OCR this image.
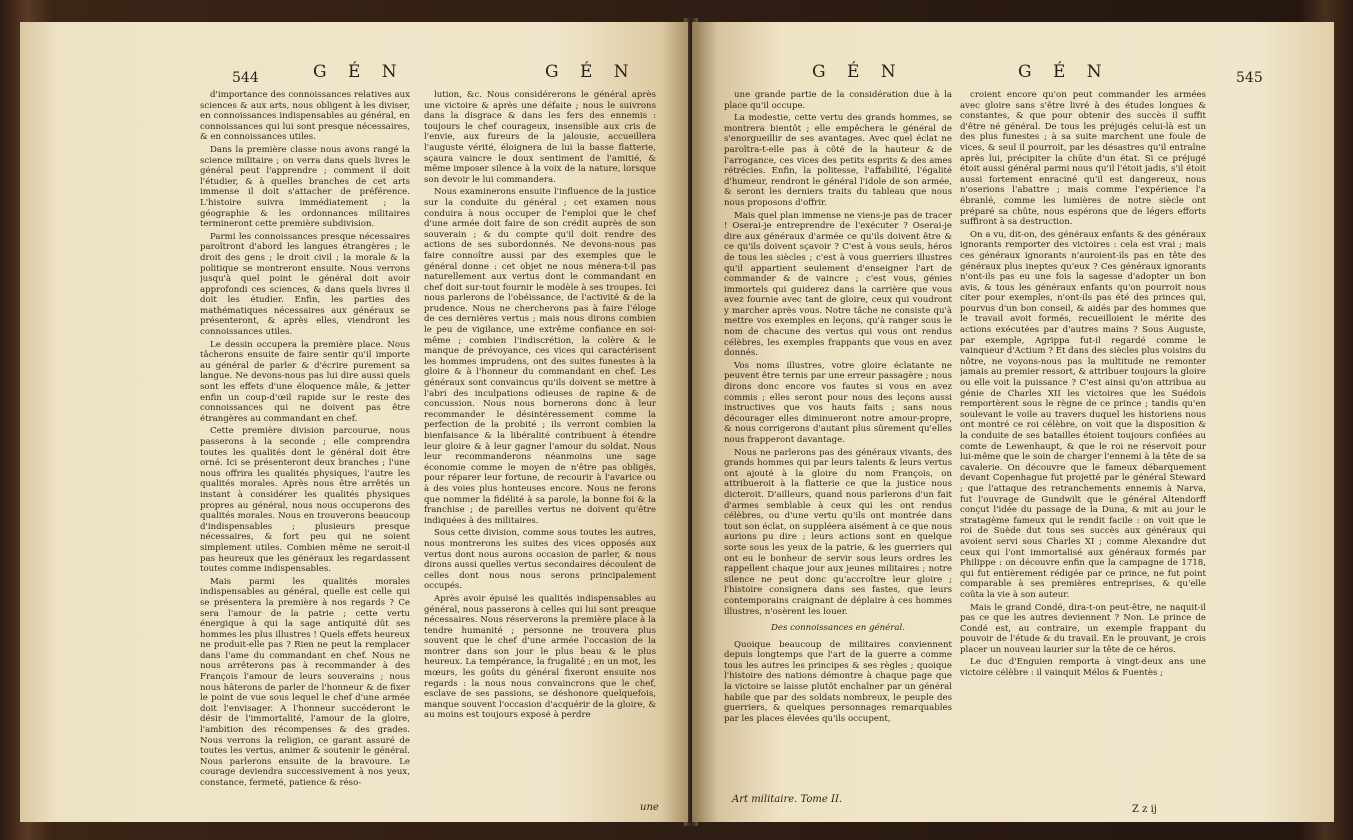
544	G É N	G É N

d'importance des connoissances relatives aux sciences & aux arts, nous obligent à les diviser, en connoissances indispensables au général, en connoissances qui lui sont presque nécessaires, & en connoissances utiles.

Dans la première classe nous avons rangé la science militaire ; on verra dans quels livres le général peut l'apprendre ; comment il doit l'étudier, & à quelles branches de cet arts immense il doit s'attacher de préférence. L'histoire suivra immédiatement ; la géographie & les ordonnances militaires termineront cette première subdivision.

Parmi les connoissances presque nécessaires paroîtront d'abord les langues étrangères ; le droit des gens ; le droit civil ; la morale & la politique se montreront ensuite. Nous verrons jusqu'à quel point le général doit avoir approfondi ces sciences, & dans quels livres il doit les étudier. Enfin, les parties des mathématiques nécessaires aux généraux se présenteront, & après elles, viendront les connoissances utiles.

Le dessin occupera la première place. Nous tâcherons ensuite de faire sentir qu'il importe au général de parler & d'écrire purement sa langue. Ne devons-nous pas lui dire aussi quels sont les effets d'une éloquence mâle, & jetter enfin un coup-d'œil rapide sur le reste des connoissances qui ne doivent pas être étrangères au commandant en chef.

Cette première division parcourue, nous passerons à la seconde ; elle comprendra toutes les qualités dont le général doit être orné. Ici se présenteront deux branches ; l'une nous offrira les qualités physiques, l'autre les qualités morales. Après nous être arrêtés un instant à considérer les qualités physiques propres au général, nous nous occuperons des qualités morales. Nous en trouverons beaucoup d'indispensables ; plusieurs presque nécessaires, & fort peu qui ne soient simplement utiles. Combien même ne seroit-il pas heureux que les généraux les regardassent toutes comme indispensables.

Mais parmi les qualités morales indispensables au général, quelle est celle qui se présentera la première à nos regards ? Ce sera l'amour de la patrie ; cette vertu énergique à qui la sage antiquité dût ses hommes les plus illustres ! Quels effets heureux ne produit-elle pas ? Rien ne peut la remplacer dans l'ame du commandant en chef. Nous ne nous arrêterons pas à recommander à des François l'amour de leurs souverains ; nous nous hâterons de parler de l'honneur & de fixer le point de vue sous lequel le chef d'une armée doit l'envisager. A l'honneur succéderont le désir de l'immortalité, l'amour de la gloire, l'ambition des récompenses & des grades. Nous verrons la religion, ce garant assuré de toutes les vertus, animer & soutenir le général. Nous parlerons ensuite de la bravoure. Le courage deviendra successivement à nos yeux, constance, fermeté, patience & réso-

lution, &c. Nous considérerons le général après une victoire & après une défaite ; nous le suivrons dans la disgrace & dans les fers des ennemis : toujours le chef courageux, insensible aux cris de l'envie, aux fureurs de la jalousie, accueillera l'auguste vérité, éloignera de lui la basse flatterie, sçaura vaincre le doux sentiment de l'amitié, & même imposer silence à la voix de la nature, lorsque son devoir le lui commandera.

Nous examinerons ensuite l'influence de la justice sur la conduite du général ; cet examen nous conduira à nous occuper de l'emploi que le chef d'une armée doit faire de son crédit auprès de son souverain ; & du compte qu'il doit rendre des actions de ses subordonnés. Ne devons-nous pas faire connoître aussi par des exemples que le général donne : cet objet ne nous ménera-t-il pas naturellement aux vertus dont le commandant en chef doit sur-tout fournir le modèle à ses troupes. Ici nous parlerons de l'obéissance, de l'activité & de la prudence. Nous ne chercherons pas à faire l'éloge de ces dernières vertus ; mais nous dirons combien le peu de vigilance, une extrême confiance en soi-même ; combien l'indiscrétion, la colère & le manque de prévoyance, ces vices qui caractérisent les hommes imprudens, ont des suites funestes à la gloire & à l'honneur du commandant en chef. Les généraux sont convaincus qu'ils doivent se mettre à l'abri des inculpations odieuses de rapine & de concussion. Nous nous bornerons donc à leur recommander le désintéressement comme la perfection de la probité ; ils verront combien la bienfaisance & la libéralité contribuent à étendre leur gloire & à leur gagner l'amour du soldat. Nous leur recommanderons néanmoins une sage économie comme le moyen de n'être pas obligés, pour réparer leur fortune, de recourir à l'avarice ou à des voies plus honteuses encore. Nous ne ferons que nommer la fidélité à sa parole, la bonne foi & la franchise ; de pareilles vertus ne doivent qu'être indiquées à des militaires.

Sous cette division, comme sous toutes les autres, nous montrerons les suites des vices opposés aux vertus dont nous aurons occasion de parler, & nous dirons aussi quelles vertus secondaires découlent de celles dont nous nous serons principalement occupés.

Après avoir épuisé les qualités indispensables au général, nous passerons à celles qui lui sont presque nécessaires. Nous réserverons la première place à la tendre humanité ; personne ne trouvera plus souvent que le chef d'une armée l'occasion de la montrer dans son jour le plus beau & le plus heureux. La tempérance, la frugalité ; en un mot, les mœurs, les goûts du général fixeront ensuite nos regards : la nous nous convaincrons que le chef, esclave de ses passions, se déshonore quelquefois, manque souvent l'occasion d'acquérir de la gloire, & au moins est toujours exposé à perdre

une
G É N	G É N	545

une grande partie de la considération due à la place qu'il occupe.

La modestie, cette vertu des grands hommes, se montrera bientôt ; elle empêchera le général de s'enorgueillir de ses avantages. Avec quel éclat ne paroîtra-t-elle pas à côté de la hauteur & de l'arrogance, ces vices des petits esprits & des ames rétrécies. Enfin, la politesse, l'affabilité, l'égalité d'humeur, rendront le général l'idole de son armée, & seront les derniers traits du tableau que nous nous proposons d'offrir.

Mais quel plan immense ne viens-je pas de tracer ! Oserai-je entreprendre de l'exécuter ? Oserai-je dire aux généraux d'armée ce qu'ils doivent être & ce qu'ils doivent sçavoir ? C'est à vous seuls, héros de tous les siècles ; c'est à vous guerriers illustres qu'il appartient seulement d'enseigner l'art de commander & de vaincre ; c'est vous, génies immortels qui guiderez dans la carrière que vous avez fournie avec tant de gloire, ceux qui voudront y marcher après vous. Notre tâche ne consiste qu'à mettre vos exemples en leçons, qu'à ranger sous le nom de chacune des vertus qui vous ont rendus célèbres, les exemples frappants que vous en avez donnés.

Vos noms illustres, votre gloire éclatante ne peuvent être ternis par une erreur passagère ; nous dirons donc encore vos fautes si vous en avez commis ; elles seront pour nous des leçons aussi instructives que vos hauts faits ; sans nous décourager elles diminueront notre amour-propre, & nous corrigerons d'autant plus sûrement qu'elles nous frapperont davantage.

Nous ne parlerons pas des généraux vivants, des grands hommes qui par leurs talents & leurs vertus ont ajouté à la gloire du nom François, on attribueroit à la flatterie ce que la justice nous dicteroit. D'ailleurs, quand nous parlerons d'un fait d'armes semblable à ceux qui les ont rendus célèbres, ou d'une vertu qu'ils ont montrée dans tout son éclat, on suppléera aisément à ce que nous aurions pu dire ; leurs actions sont en quelque sorte sous les yeux de la patrie, & les guerriers qui ont eu le bonheur de servir sous leurs ordres les rappellent chaque jour aux jeunes militaires ; notre silence ne peut donc qu'accroître leur gloire ; l'histoire consignera dans ses fastes, que leurs contemporains craignant de déplaire à ces hommes illustres, n'osèrent les louer.

Des connoissances en général.

Quoique beaucoup de militaires conviennent depuis longtemps que l'art de la guerre a comme tous les autres les principes & ses règles ; quoique l'histoire des nations démontre à chaque page que la victoire se laisse plutôt enchaîner par un général habile que par des soldats nombreux, le peuple des guerriers, & quelques personnages remarquables par les places élevées qu'ils occupent,

croient encore qu'on peut commander les armées avec gloire sans s'être livré à des études longues & constantes, & que pour obtenir des succès il suffit d'être né général. De tous les préjugés celui-là est un des plus funestes ; à sa suite marchent une foule de vices, & seul il pourroit, par les désastres qu'il entraîne après lui, précipiter la chûte d'un état. Si ce préjugé étoit aussi général parmi nous qu'il l'étoit jadis, s'il étoit aussi fortement enraciné qu'il est dangereux, nous n'oserions l'abattre ; mais comme l'expérience l'a ébranlé, comme les lumières de notre siècle ont préparé sa chûte, nous espérons que de légers efforts suffiront à sa destruction.

On a vu, dit-on, des généraux enfants & des généraux ignorants remporter des victoires : cela est vrai ; mais ces généraux ignorants n'auroient-ils pas en tête des généraux plus ineptes qu'eux ? Ces généraux ignorants n'ont-ils pas eu une fois la sagesse d'adopter un bon avis, & tous les généraux enfants qu'on pourroit nous citer pour exemples, n'ont-ils pas été des princes qui, pourvus d'un bon conseil, & aidés par des hommes que le travail avoit formés, recueilloient le mérite des actions exécutées par d'autres mains ? Sous Auguste, par exemple, Agrippa fut-il regardé comme le vainqueur d'Actium ? Et dans des siècles plus voisins du nôtre, ne voyons-nous pas la multitude ne remonter jamais au premier ressort, & attribuer toujours la gloire ou elle voit la puissance ? C'est ainsi qu'on attribua au génie de Charles XII les victoires que les Suédois remportèrent sous le règne de ce prince ; tandis qu'en soulevant le voile au travers duquel les historiens nous ont montré ce roi célèbre, on voit que la disposition & la conduite de ses batailles étoient toujours confiées au comte de Lewenhaupt, & que le roi ne réservoit pour lui-même que le soin de charger l'ennemi à la tête de sa cavalerie. On découvre que le fameux débarquement devant Copenhague fut projetté par le général Steward ; que l'attaque des retranchements ennemis à Narva, fut l'ouvrage de Gundwilt que le général Altendorff conçut l'idée du passage de la Duna, & mit au jour le stratagème fameux qui le rendit facile : on voit que le roi de Suède dut tous ses succès aux généraux qui avoient servi sous Charles XI ; comme Alexandre dut ceux qui l'ont immortalisé aux généraux formés par Philippe : on découvre enfin que la campagne de 1718, qui fut entièrement rédigée par ce prince, ne fut point comparable à ses premières entreprises, & qu'elle coûta la vie à son auteur.

Mais le grand Condé, dira-t-on peut-être, ne naquit-il pas ce que les autres deviennent ? Non. Le prince de Condé est, au contraire, un exemple frappant du pouvoir de l'étude & du travail. En le prouvant, je crois placer un nouveau laurier sur la tête de ce héros.

Le duc d'Enguien remporta à vingt-deux ans une victoire célèbre : il vainquit Mélos & Fuentès ;

Art militaire. Tome II.
Z z ij
